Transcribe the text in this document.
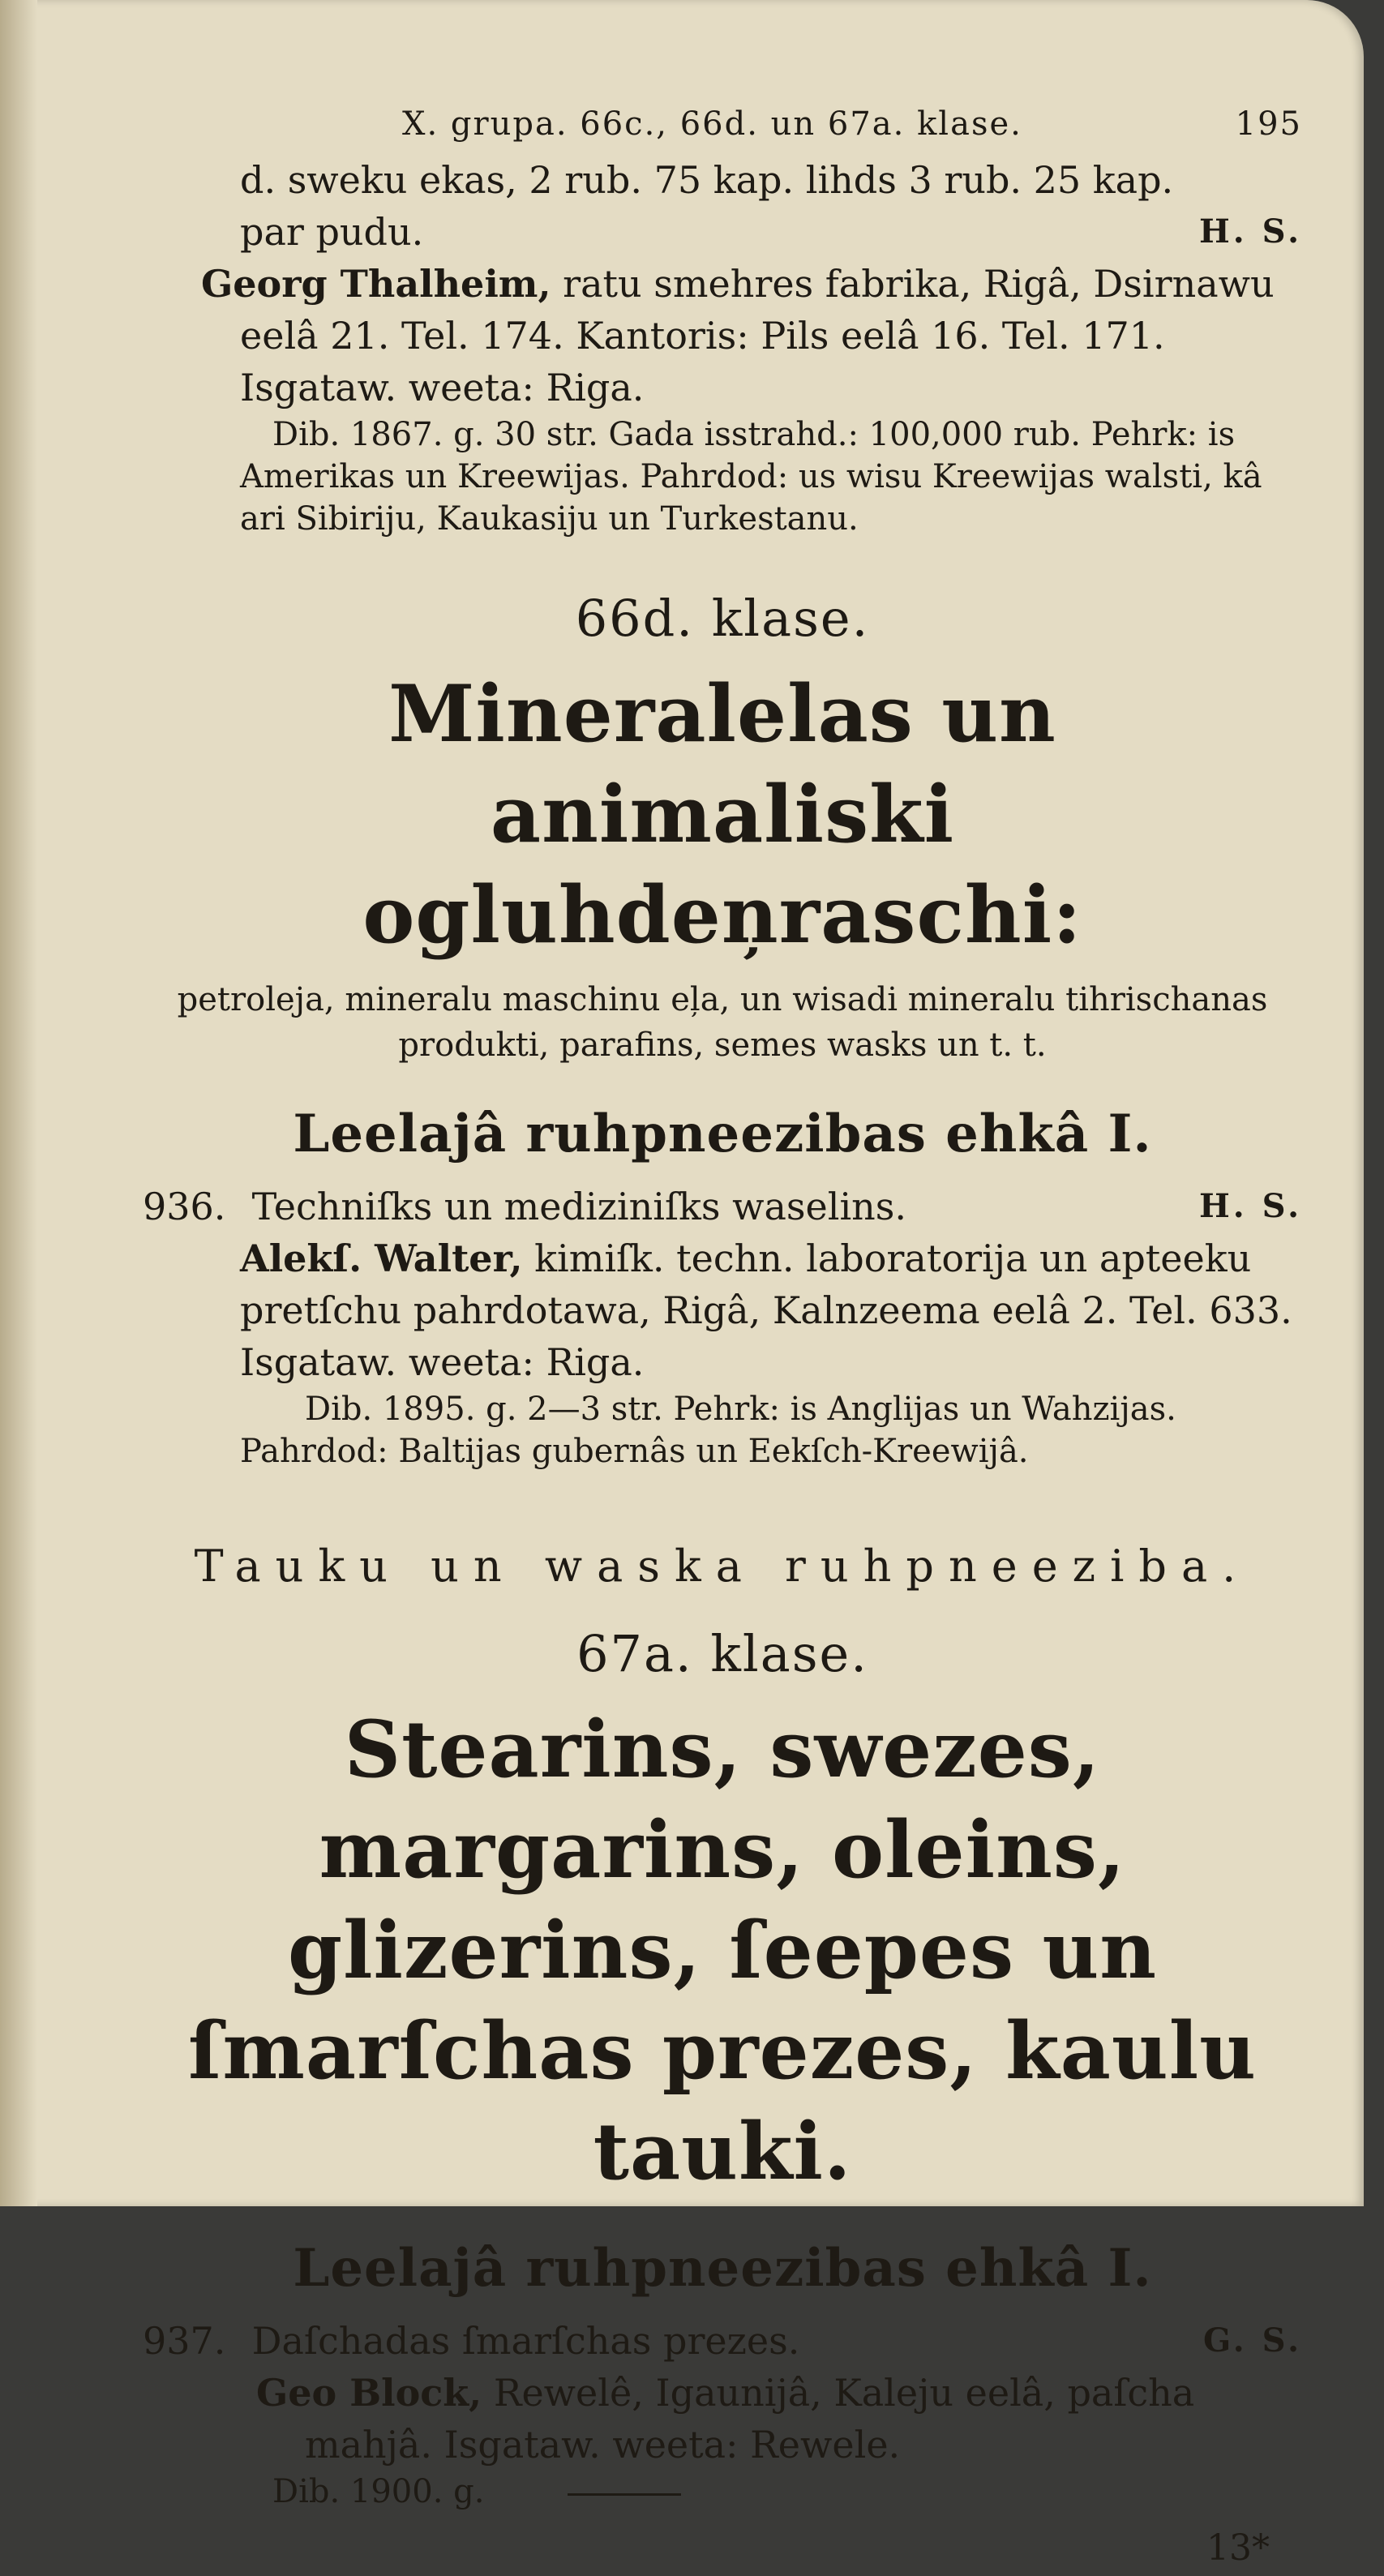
X. grupa. 66c., 66d. un 67a. klase.	195

d. sweku ekas, 2 rub. 75 kap. lihds 3 rub. 25 kap.

par pudu.	H. S.

Georg Thalheim, ratu smehres fabrika, Rigâ, Dsirnawu eelâ 21. Tel. 174. Kantoris: Pils eelâ 16. Tel. 171. Isgataw. weeta: Riga.

Dib. 1867. g. 30 str. Gada isstrahd.: 100,000 rub. Pehrk: is Amerikas un Kreewijas. Pahrdod: us wisu Kreewijas walsti, kâ ari Sibiriju, Kaukasiju un Turkestanu.

66d. klase.
Mineralelas un animaliski ogluhdeņraschi:
petroleja, mineralu maschinu eļa, un wisadi mineralu tihrischanas produkti, parafins, semes wasks un t. t.
Leelajâ ruhpneezibas ehkâ I.

936. Techniſks un mediziniſks waselins.	H. S.

Alekſ. Walter, kimiſk. techn. laboratorija un apteeku pretſchu pahrdotawa, Rigâ, Kalnzeema eelâ 2. Tel. 633. Isgataw. weeta: Riga.

Dib. 1895. g. 2—3 str. Pehrk: is Anglijas un Wahzijas. Pahrdod: Baltijas gubernâs un Eekſch-Kreewijâ.

Tauku un waska ruhpneeziba.
67a. klase.
Stearins, swezes, margarins, oleins, glizerins, ſeepes un ſmarſchas prezes, kaulu tauki.
Leelajâ ruhpneezibas ehkâ I.

937. Daſchadas ſmarſchas prezes.	G. S.

Geo Block, Rewelê, Igaunijâ, Kaleju eelâ, paſcha mahjâ. Isgataw. weeta: Rewele.

Dib. 1900. g.

13*
